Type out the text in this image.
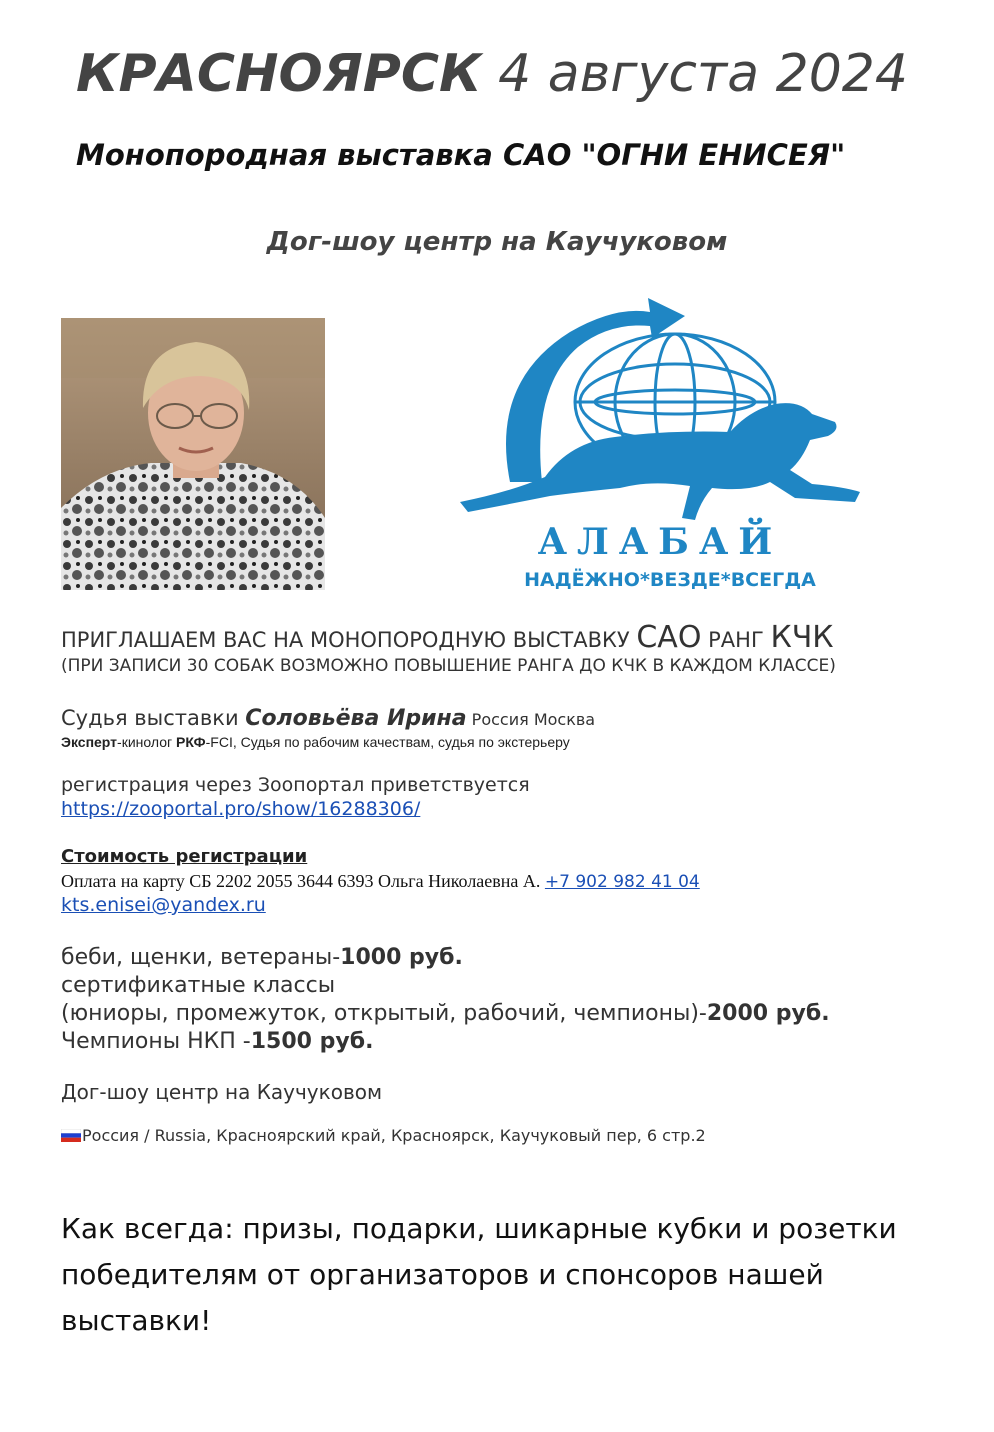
КРАСНОЯРСК 4 августа 2024
Монопородная выставка САО "ОГНИ ЕНИСЕЯ"
Дог-шоу центр на Каучуковом
АЛАБАЙ
НАДЁЖНО*ВЕЗДЕ*ВСЕГДА
ПРИГЛАШАЕМ ВАС НА МОНОПОРОДНУЮ ВЫСТАВКУ САО РАНГ КЧК
(ПРИ ЗАПИСИ 30 СОБАК ВОЗМОЖНО ПОВЫШЕНИЕ РАНГА ДО КЧК В КАЖДОМ КЛАССЕ)
Судья выставки Соловьёва Ирина Россия Москва
Эксперт-кинолог РКФ-FCI, Судья по рабочим качествам, судья по экстерьеру
регистрация через Зоопортал приветствуется
https://zooportal.pro/show/16288306/
Стоимость регистрации
Оплата на карту СБ 2202 2055 3644 6393 Ольга Николаевна А. +7 902 982 41 04
kts.enisei@yandex.ru
беби, щенки, ветераны-1000 руб.
сертификатные классы
(юниоры, промежуток, открытый, рабочий, чемпионы)-2000 руб.
Чемпионы НКП -1500 руб.
Дог-шоу центр на Каучуковом
Россия / Russia, Красноярский край, Красноярск, Каучуковый пер, 6 стр.2
Как всегда: призы, подарки, шикарные кубки и розетки победителям от организаторов и спонсоров нашей выставки!
